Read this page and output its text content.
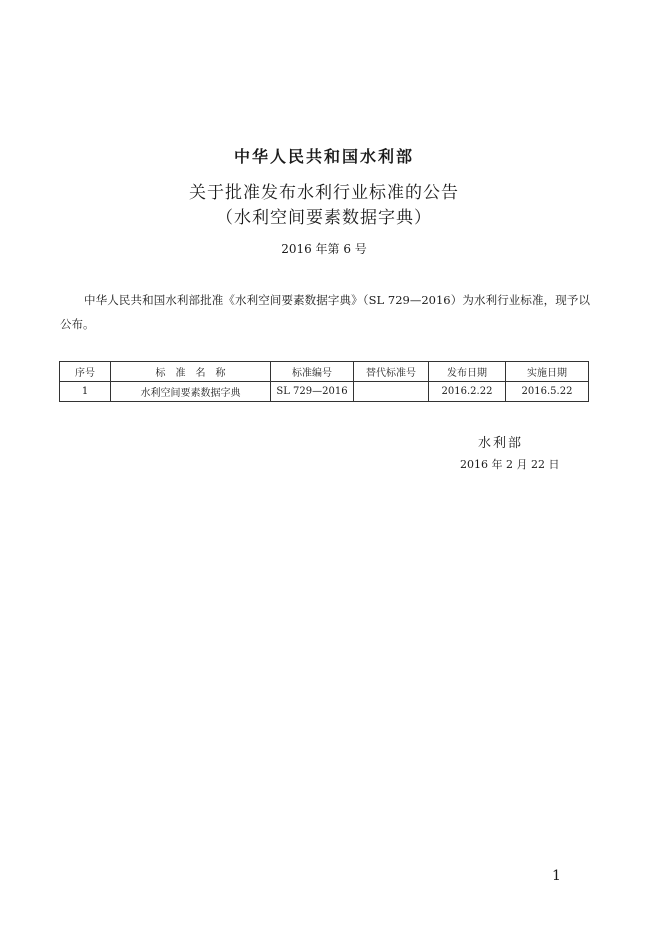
中华人民共和国水利部
关于批准发布水利行业标准的公告
（水利空间要素数据字典）
2016 年第 6 号
中华人民共和国水利部批准《水利空间要素数据字典》（SL 729—2016）为水利行业标准，现予以公布。
序号	标　准　名　称	标准编号	替代标准号	发布日期	实施日期
1	水利空间要素数据字典	SL 729—2016		2016.2.22	2016.5.22
水利部
2016 年 2 月 22 日
1
